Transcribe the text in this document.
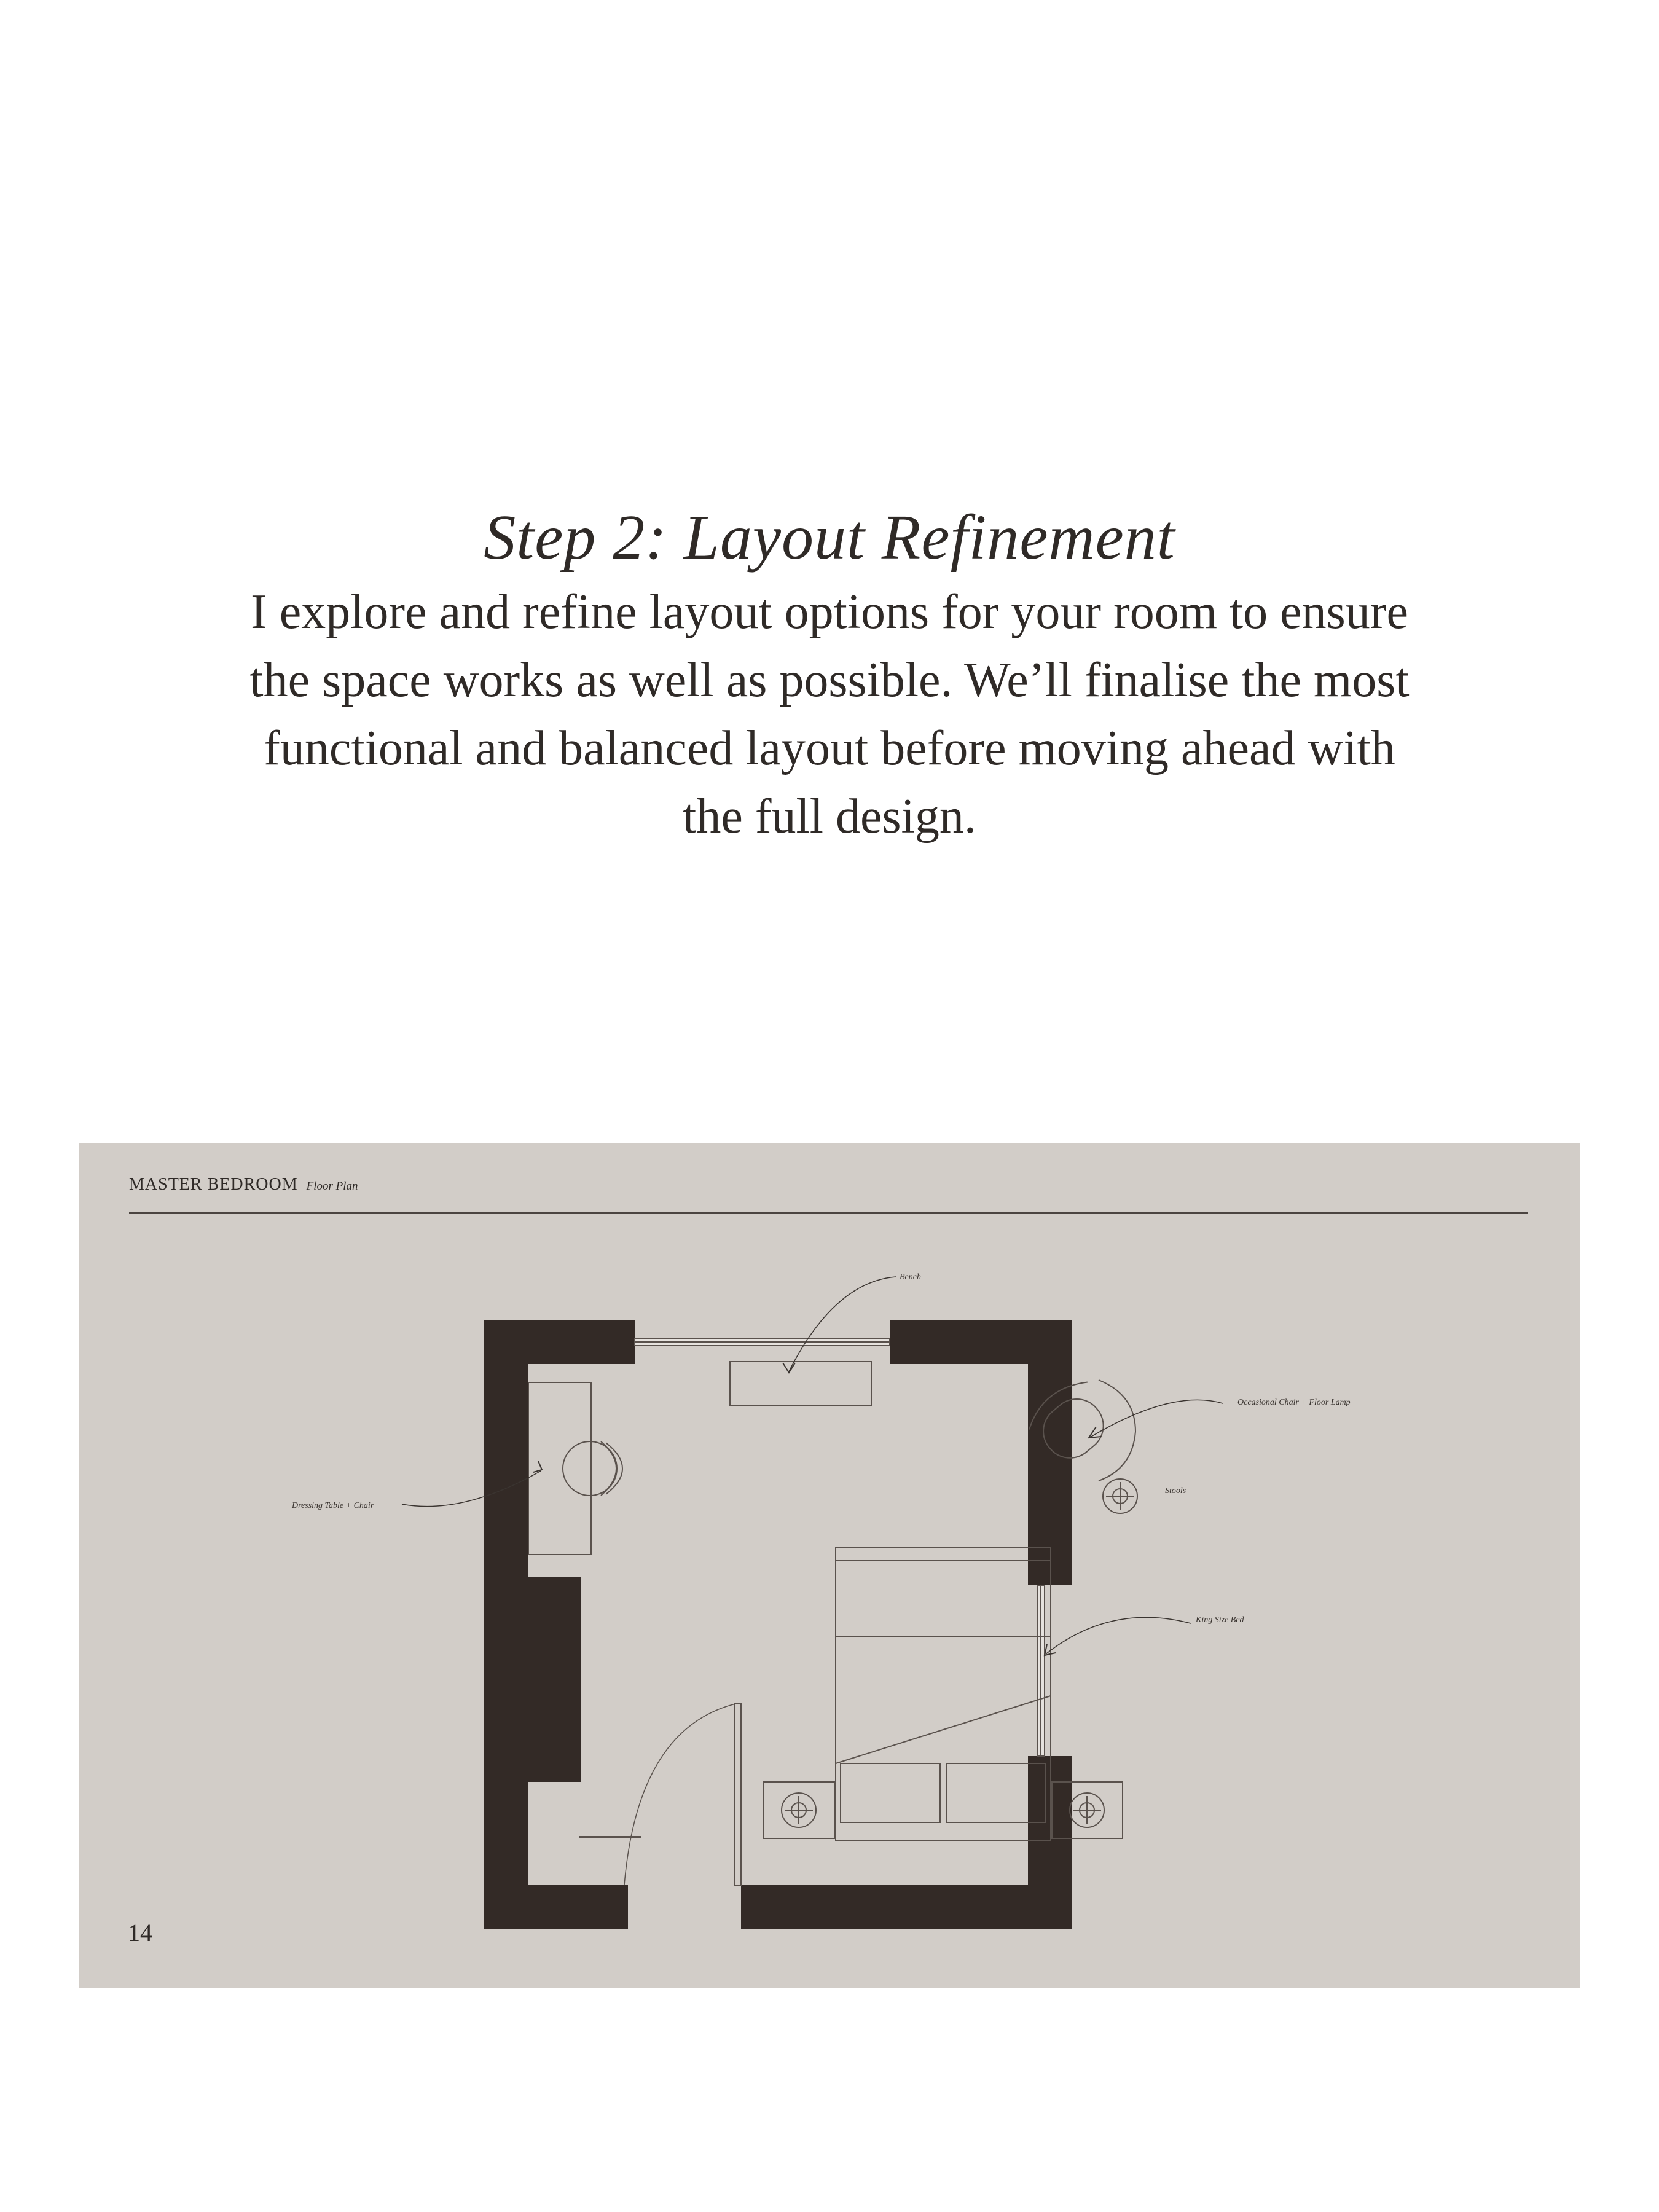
Step 2: Layout Refinement

I explore and refine layout options for your room to ensure the space works as well as possible. We’ll finalise the most functional and balanced layout before moving ahead with the full design.

MASTER BEDROOM Floor Plan
Bench
Occasional Chair + Floor Lamp
Dressing Table + Chair
King Size Bed
Stools
14
